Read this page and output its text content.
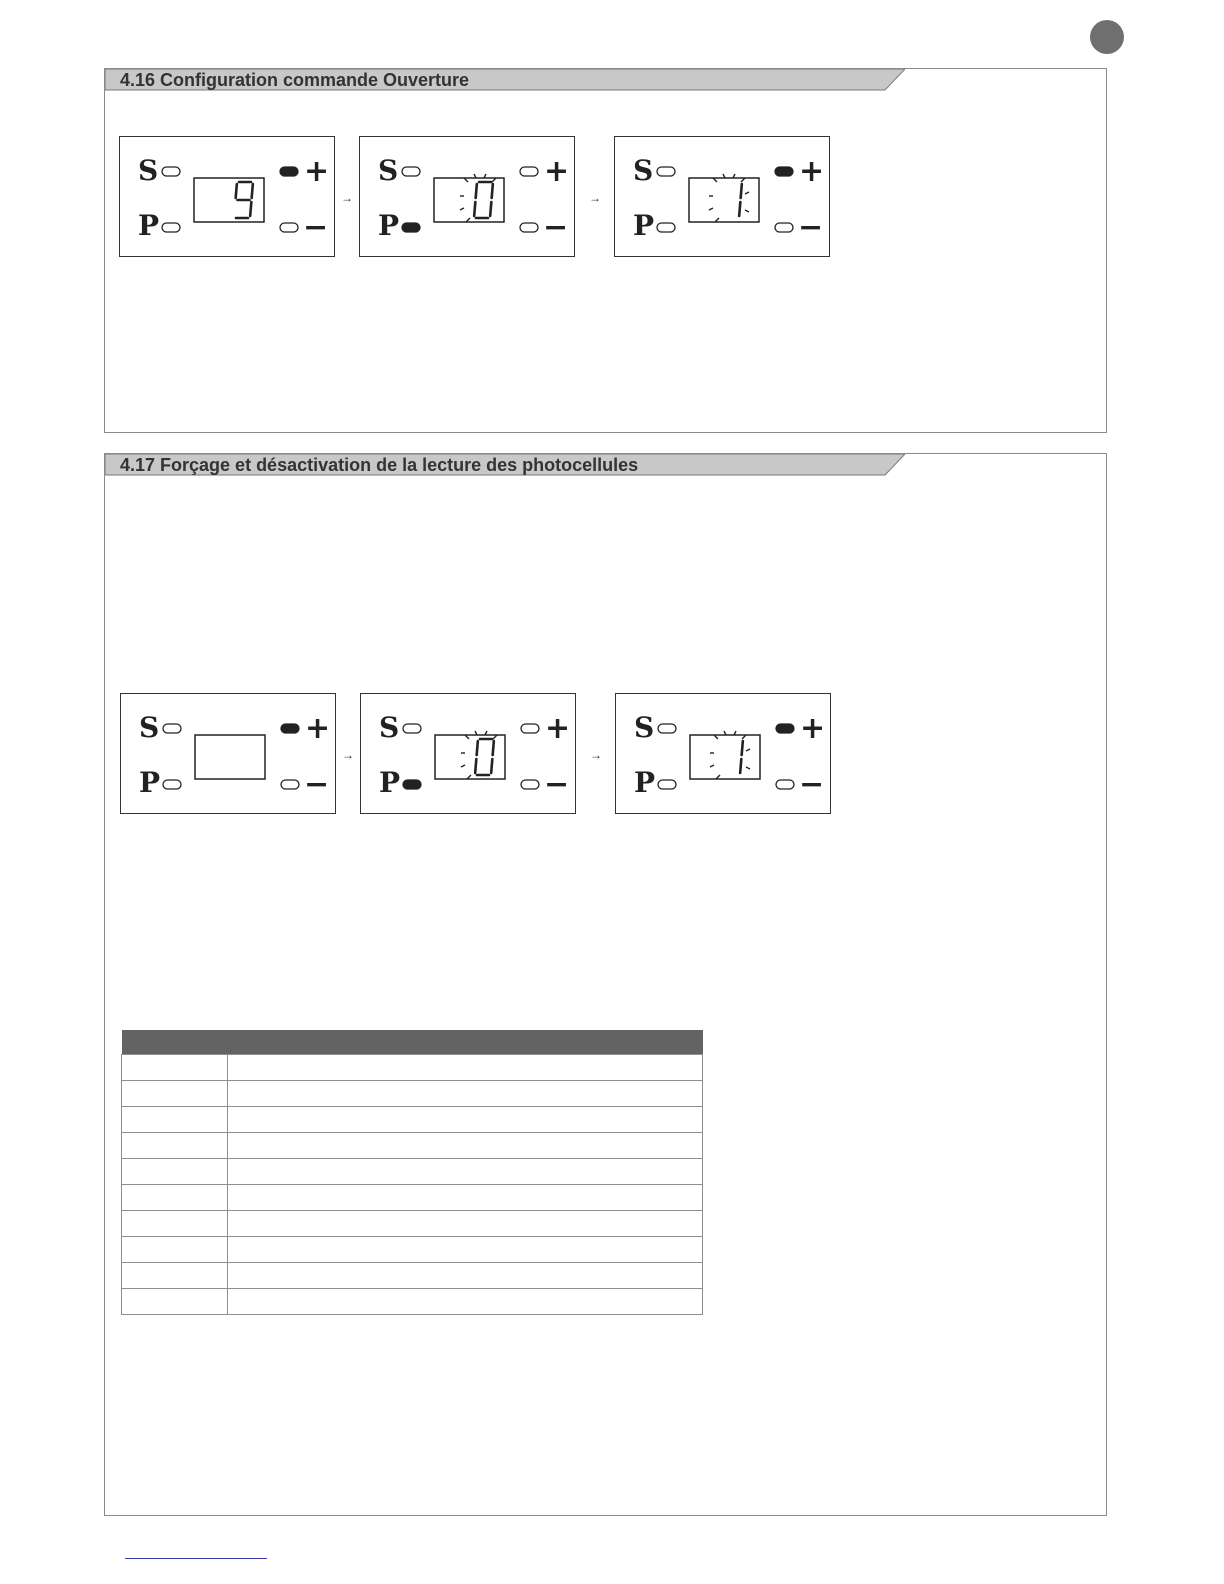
4.16 Configuration commande Ouverture
4.17 Forçage et désactivation de la lecture des photocellules

S
P
+
−
S
P
+
−
S
P
+
−
→	→
S
P
+
−
S
P
+
−
S
P
+
−
→	→
